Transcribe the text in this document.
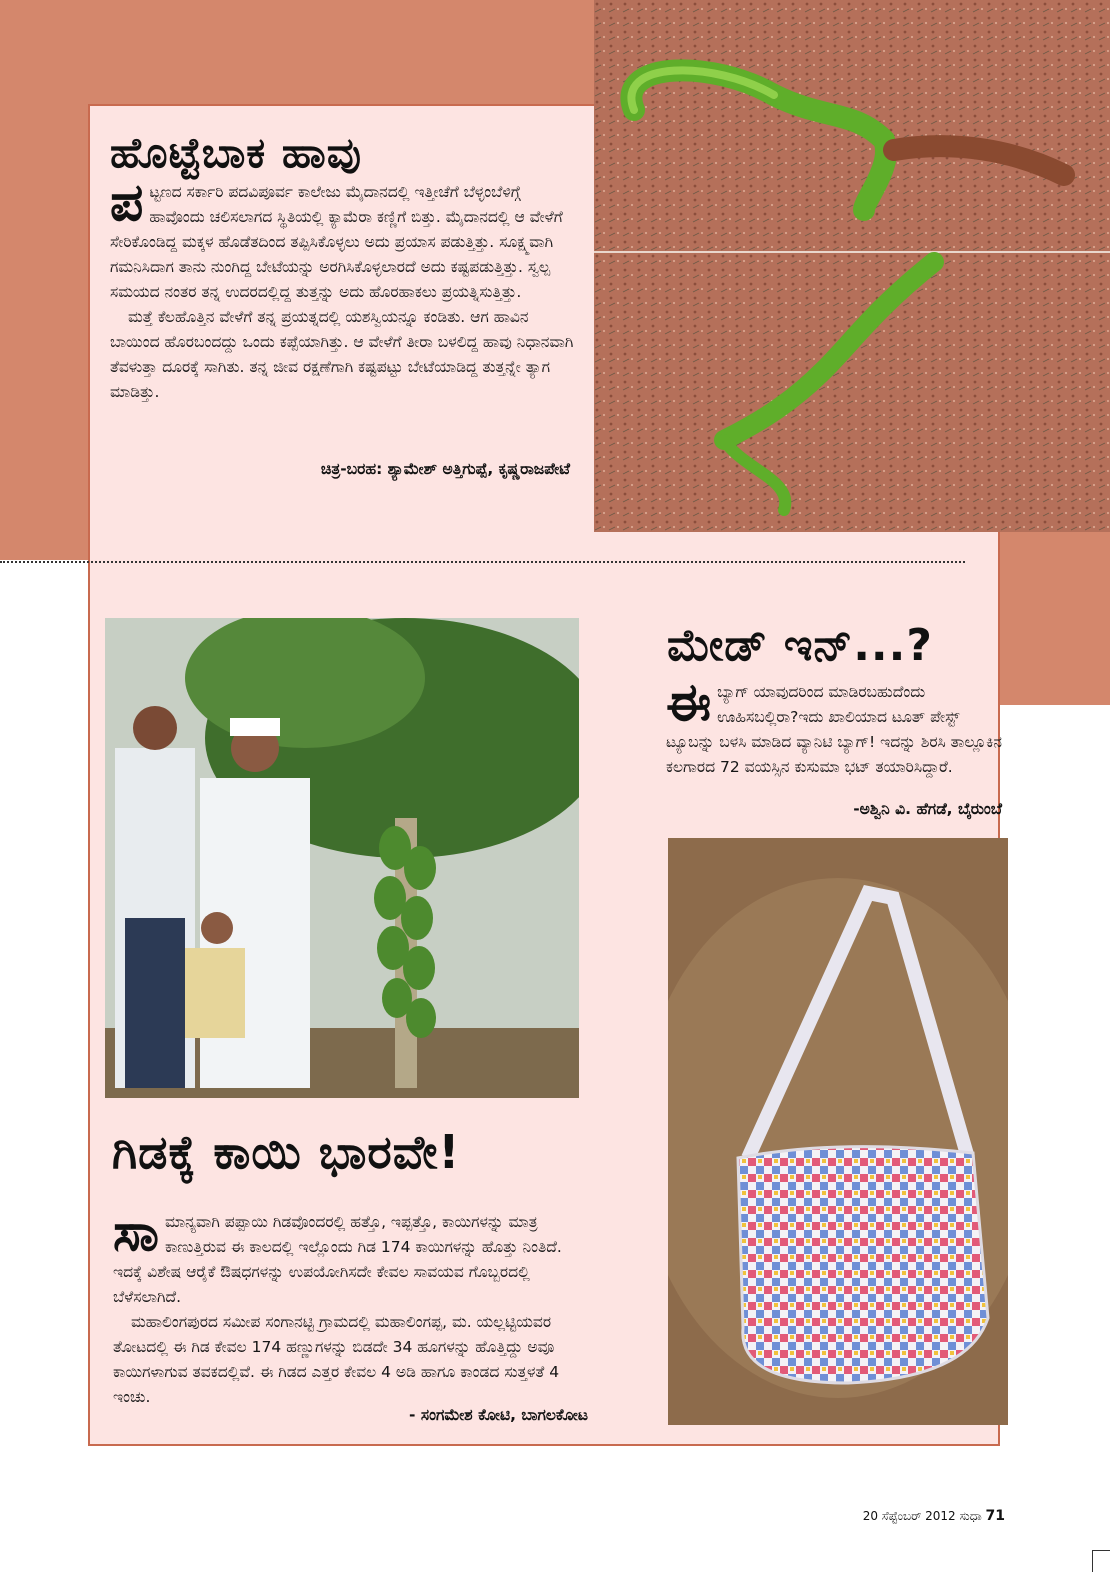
ಹೊಟ್ಟೆಬಾಕ ಹಾವು

ಪಟ್ಟಣದ ಸರ್ಕಾರಿ ಪದವಿಪೂರ್ವ ಕಾಲೇಜು ಮೈದಾನದಲ್ಲಿ ಇತ್ತೀಚೆಗೆ ಬೆಳ್ಳಂಬೆಳಿಗ್ಗೆ ಹಾವೊಂದು ಚಲಿಸಲಾಗದ ಸ್ಥಿತಿಯಲ್ಲಿ ಕ್ಯಾಮೆರಾ ಕಣ್ಣಿಗೆ ಬಿತ್ತು. ಮೈದಾನದಲ್ಲಿ ಆ ವೇಳೆಗೆ ಸೇರಿಕೊಂಡಿದ್ದ ಮಕ್ಕಳ ಹೊಡೆತದಿಂದ ತಪ್ಪಿಸಿಕೊಳ್ಳಲು ಅದು ಪ್ರಯಾಸ ಪಡುತ್ತಿತ್ತು. ಸೂಕ್ಷ್ಮವಾಗಿ ಗಮನಿಸಿದಾಗ ತಾನು ನುಂಗಿದ್ದ ಬೇಟೆಯನ್ನು ಅರಗಿಸಿಕೊಳ್ಳಲಾರದೆ ಅದು ಕಷ್ಟಪಡುತ್ತಿತ್ತು. ಸ್ವಲ್ಪ ಸಮಯದ ನಂತರ ತನ್ನ ಉದರದಲ್ಲಿದ್ದ ತುತ್ತನ್ನು ಅದು ಹೊರಹಾಕಲು ಪ್ರಯತ್ನಿಸುತ್ತಿತ್ತು.

ಮತ್ತೆ ಕೆಲಹೊತ್ತಿನ ವೇಳೆಗೆ ತನ್ನ ಪ್ರಯತ್ನದಲ್ಲಿ ಯಶಸ್ವಿಯನ್ನೂ ಕಂಡಿತು. ಆಗ ಹಾವಿನ ಬಾಯಿಂದ ಹೊರಬಂದದ್ದು ಒಂದು ಕಪ್ಪೆಯಾಗಿತ್ತು. ಆ ವೇಳೆಗೆ ತೀರಾ ಬಳಲಿದ್ದ ಹಾವು ನಿಧಾನವಾಗಿ ತೆವಳುತ್ತಾ ದೂರಕ್ಕೆ ಸಾಗಿತು. ತನ್ನ ಜೀವ ರಕ್ಷಣೆಗಾಗಿ ಕಷ್ಟಪಟ್ಟು ಬೇಟೆಯಾಡಿದ್ದ ತುತ್ತನ್ನೇ ತ್ಯಾಗ ಮಾಡಿತ್ತು.

ಚಿತ್ರ-ಬರಹ: ಶ್ಯಾಮೇಶ್ ಅತ್ತಿಗುಪ್ಪೆ, ಕೃಷ್ಣರಾಜಪೇಟೆ

ಮೇಡ್ ಇನ್...?

ಈಬ್ಯಾಗ್ ಯಾವುದರಿಂದ ಮಾಡಿರಬಹುದೆಂದು ಊಹಿಸಬಲ್ಲಿರಾ?ಇದು ಖಾಲಿಯಾದ ಟೂತ್ ಪೇಸ್ಟ್ ಟ್ಯೂಬನ್ನು ಬಳಸಿ ಮಾಡಿದ ವ್ಯಾನಿಟಿ ಬ್ಯಾಗ್! ಇದನ್ನು ಶಿರಸಿ ತಾಲ್ಲೂಕಿನ ಕಲಗಾರದ 72 ವಯಸ್ಸಿನ ಕುಸುಮಾ ಭಟ್ ತಯಾರಿಸಿದ್ದಾರೆ.

-ಅಶ್ವಿನಿ ವಿ. ಹೆಗಡೆ, ಬೈರುಂಬೆ

ಗಿಡಕ್ಕೆ ಕಾಯಿ ಭಾರವೇ!

ಸಾಮಾನ್ಯವಾಗಿ ಪಪ್ಪಾಯಿ ಗಿಡವೊಂದರಲ್ಲಿ ಹತ್ತೊ, ಇಪ್ಪತ್ತೊ, ಕಾಯಿಗಳನ್ನು ಮಾತ್ರ ಕಾಣುತ್ತಿರುವ ಈ ಕಾಲದಲ್ಲಿ ಇಲ್ಲೊಂದು ಗಿಡ 174 ಕಾಯಿಗಳನ್ನು ಹೊತ್ತು ನಿಂತಿದೆ. ಇದಕ್ಕೆ ವಿಶೇಷ ಆರೈಕೆ ಔಷಧಗಳನ್ನು ಉಪಯೋಗಿಸದೇ ಕೇವಲ ಸಾವಯವ ಗೊಬ್ಬರದಲ್ಲಿ ಬೆಳೆಸಲಾಗಿದೆ.

ಮಹಾಲಿಂಗಪುರದ ಸಮೀಪ ಸಂಗಾನಟ್ಟಿ ಗ್ರಾಮದಲ್ಲಿ ಮಹಾಲಿಂಗಪ್ಪ, ಮ. ಯಲ್ಲಟ್ಟಿಯವರ ತೋಟದಲ್ಲಿ ಈ ಗಿಡ ಕೇವಲ 174 ಹಣ್ಣುಗಳನ್ನು ಬಿಡದೇ 34 ಹೂಗಳನ್ನು ಹೊತ್ತಿದ್ದು ಅವೂ ಕಾಯಿಗಳಾಗುವ ತವಕದಲ್ಲಿವೆ. ಈ ಗಿಡದ ಎತ್ತರ ಕೇವಲ 4 ಅಡಿ ಹಾಗೂ ಕಾಂಡದ ಸುತ್ತಳತೆ 4 ಇಂಚು.

- ಸಂಗಮೇಶ ಕೋಟಿ, ಬಾಗಲಕೋಟ

20 ಸೆಪ್ಟೆಂಬರ್ 2012 ಸುಧಾ 71
